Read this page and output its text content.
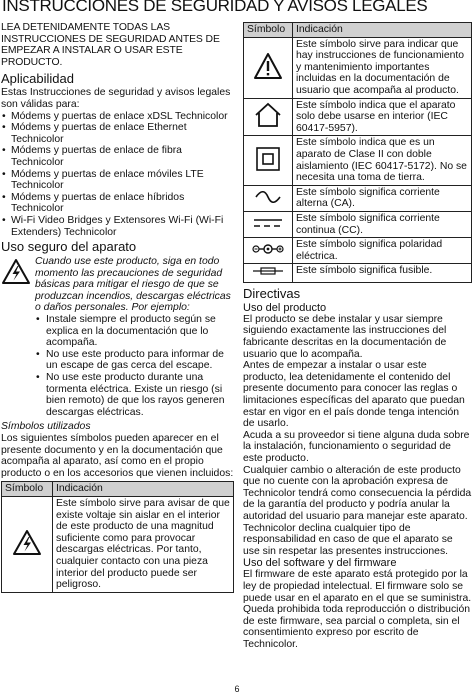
INSTRUCCIONES DE SEGURIDAD Y AVISOS LEGALES

LEA DETENIDAMENTE TODAS LAS INSTRUCCIONES DE SEGURIDAD ANTES DE EMPEZAR A INSTALAR O USAR ESTE PRODUCTO.

Aplicabilidad

Estas Instrucciones de seguridad y avisos legales son válidas para:

• Módems y puertas de enlace xDSL Technicolor
• Módems y puertas de enlace Ethernet Technicolor
• Módems y puertas de enlace de fibra Technicolor
• Módems y puertas de enlace móviles LTE Technicolor
• Módems y puertas de enlace híbridos Technicolor
• Wi-Fi Video Bridges y Extensores Wi-Fi (Wi-Fi Extenders) Technicolor
Uso seguro del aparato

Cuando use este producto, siga en todo momento las precauciones de seguridad básicas para mitigar el riesgo de que se produzcan incendios, descargas eléctricas o daños personales. Por ejemplo:

• Instale siempre el producto según se explica en la documentación que lo acompaña.
• No use este producto para informar de un escape de gas cerca del escape.
• No use este producto durante una tormenta eléctrica. Existe un riesgo (si bien remoto) de que los rayos generen descargas eléctricas.

Símbolos utilizados

Los siguientes símbolos pueden aparecer en el presente documento y en la documentación que acompaña al aparato, así como en el propio producto o en los accesorios que vienen incluidos:

Símbolo	Indicación
	Este símbolo sirve para avisar de que existe voltaje sin aislar en el interior de este producto de una magnitud suficiente como para provocar descargas eléctricas. Por tanto, cualquier contacto con una pieza interior del producto puede ser peligroso.
Símbolo	Indicación
	Este símbolo sirve para indicar que hay instrucciones de funcionamiento y mantenimiento importantes incluidas en la documentación de usuario que acompaña al producto.
	Este símbolo indica que el aparato solo debe usarse en interior (IEC 60417-5957).
	Este símbolo indica que es un aparato de Clase II con doble aislamiento (IEC 60417-5172). No se necesita una toma de tierra.
	Este símbolo significa corriente alterna (CA).
	Este símbolo significa corriente continua (CC).
	Este símbolo significa polaridad eléctrica.
	Este símbolo significa fusible.
Directivas
Uso del producto

El producto se debe instalar y usar siempre siguiendo exactamente las instrucciones del fabricante descritas en la documentación de usuario que lo acompaña.

Antes de empezar a instalar o usar este producto, lea detenidamente el contenido del presente documento para conocer las reglas o limitaciones específicas del aparato que puedan estar en vigor en el país donde tenga intención de usarlo.

Acuda a su proveedor si tiene alguna duda sobre la instalación, funcionamiento o seguridad de este producto.

Cualquier cambio o alteración de este producto que no cuente con la aprobación expresa de Technicolor tendrá como consecuencia la pérdida de la garantía del producto y podría anular la autoridad del usuario para manejar este aparato. Technicolor declina cualquier tipo de responsabilidad en caso de que el aparato se use sin respetar las presentes instrucciones.

Uso del software y del firmware

El firmware de este aparato está protegido por la ley de propiedad intelectual. El firmware solo se puede usar en el aparato en el que se suministra. Queda prohibida toda reproducción o distribución de este firmware, sea parcial o completa, sin el consentimiento expreso por escrito de Technicolor.

6
